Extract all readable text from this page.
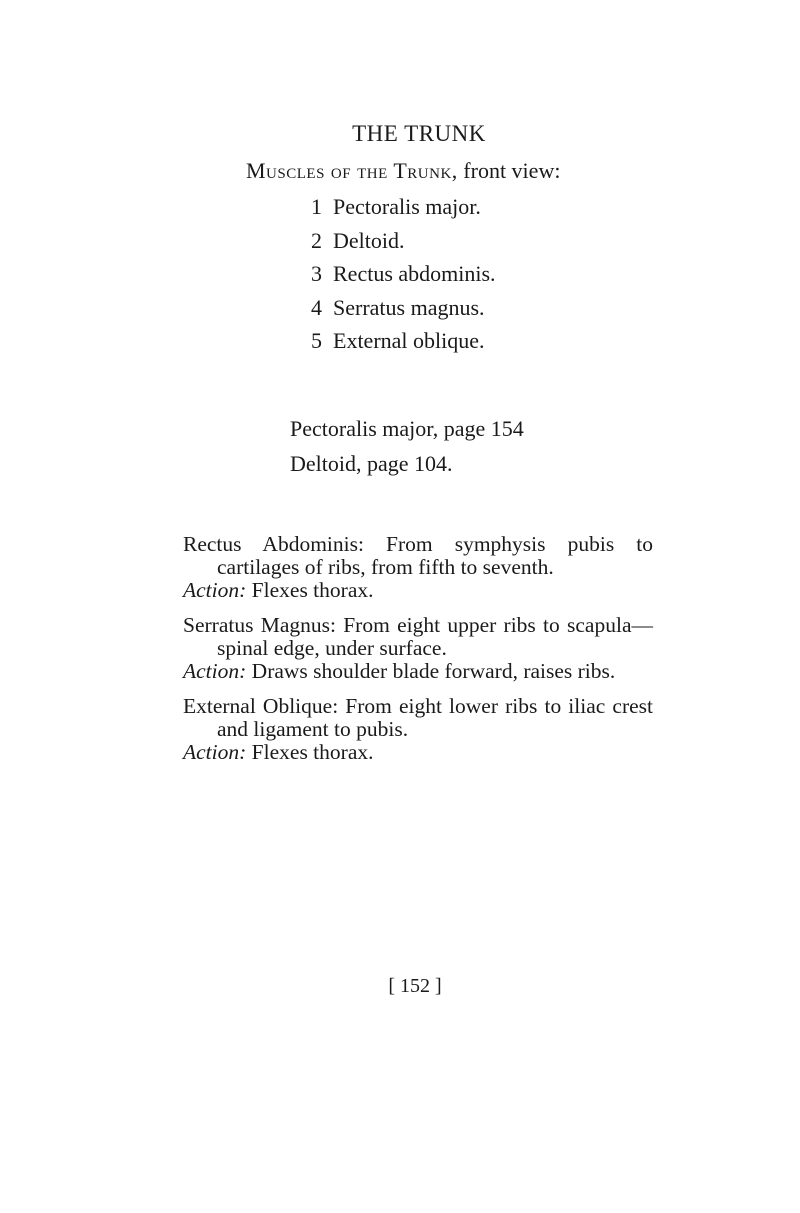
THE TRUNK
Muscles of the Trunk, front view:
1 Pectoralis major.
2 Deltoid.
3 Rectus abdominis.
4 Serratus magnus.
5 External oblique.
Pectoralis major, page 154
Deltoid, page 104.
Rectus Abdominis: From symphysis pubis to cartilages of ribs, from fifth to seventh.
Action: Flexes thorax.
Serratus Magnus: From eight upper ribs to scapula—spinal edge, under surface.
Action: Draws shoulder blade forward, raises ribs.
External Oblique: From eight lower ribs to iliac crest and ligament to pubis.
Action: Flexes thorax.
[ 152 ]
